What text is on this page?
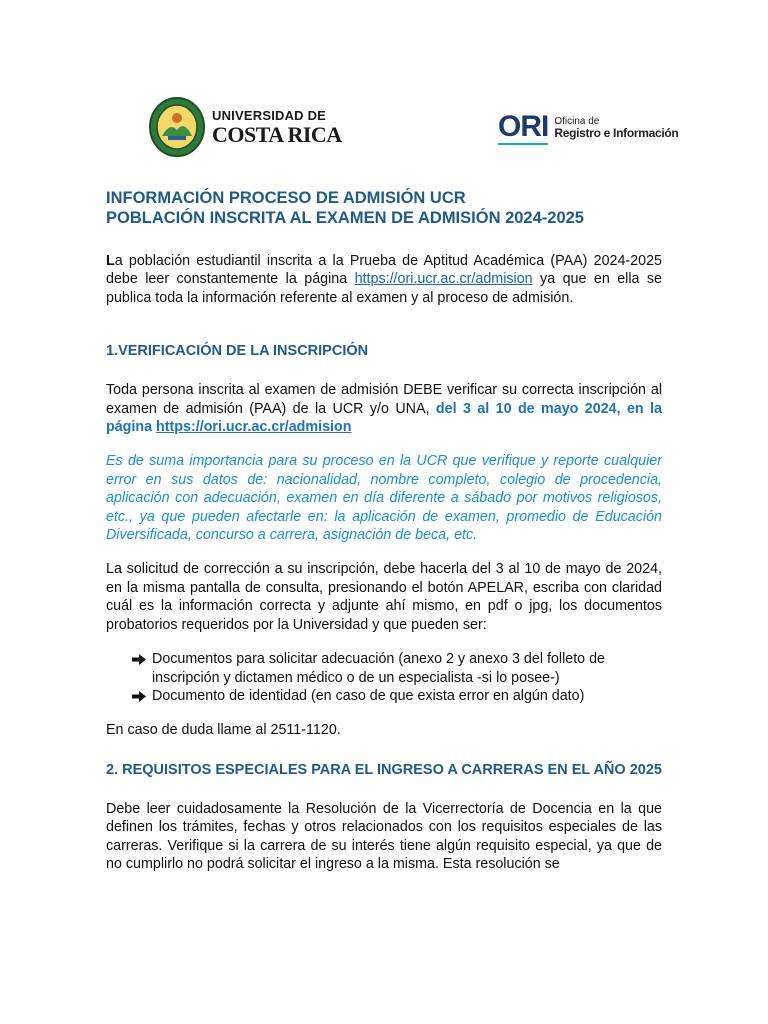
UNIVERSIDAD DE
COSTA RICA	ORI Oficina de
Registro e Información
INFORMACIÓN PROCESO DE ADMISIÓN UCR
POBLACIÓN INSCRITA AL EXAMEN DE ADMISIÓN 2024-2025

La población estudiantil inscrita a la Prueba de Aptitud Académica (PAA) 2024-2025 debe leer constantemente la página https://ori.ucr.ac.cr/admision ya que en ella se publica toda la información referente al examen y al proceso de admisión.

1.VERIFICACIÓN DE LA INSCRIPCIÓN

Toda persona inscrita al examen de admisión DEBE verificar su correcta inscripción al examen de admisión (PAA) de la UCR y/o UNA, del 3 al 10 de mayo 2024, en la página https://ori.ucr.ac.cr/admision

Es de suma importancia para su proceso en la UCR que verifique y reporte cualquier error en sus datos de: nacionalidad, nombre completo, colegio de procedencia, aplicación con adecuación, examen en día diferente a sábado por motivos religiosos, etc., ya que pueden afectarle en: la aplicación de examen, promedio de Educación Diversificada, concurso a carrera, asignación de beca, etc.

La solicitud de corrección a su inscripción, debe hacerla del 3 al 10 de mayo de 2024, en la misma pantalla de consulta, presionando el botón APELAR, escriba con claridad cuál es la información correcta y adjunte ahí mismo, en pdf o jpg, los documentos probatorios requeridos por la Universidad y que pueden ser:

Documentos para solicitar adecuación (anexo 2 y anexo 3 del folleto de inscripción y dictamen médico o de un especialista -si lo posee-)
Documento de identidad (en caso de que exista error en algún dato)

En caso de duda llame al 2511-1120.

2. REQUISITOS ESPECIALES PARA EL INGRESO A CARRERAS EN EL AÑO 2025

Debe leer cuidadosamente la Resolución de la Vicerrectoría de Docencia en la que definen los trámites, fechas y otros relacionados con los requisitos especiales de las carreras. Verifique si la carrera de su interés tiene algún requisito especial, ya que de no cumplirlo no podrá solicitar el ingreso a la misma. Esta resolución se
